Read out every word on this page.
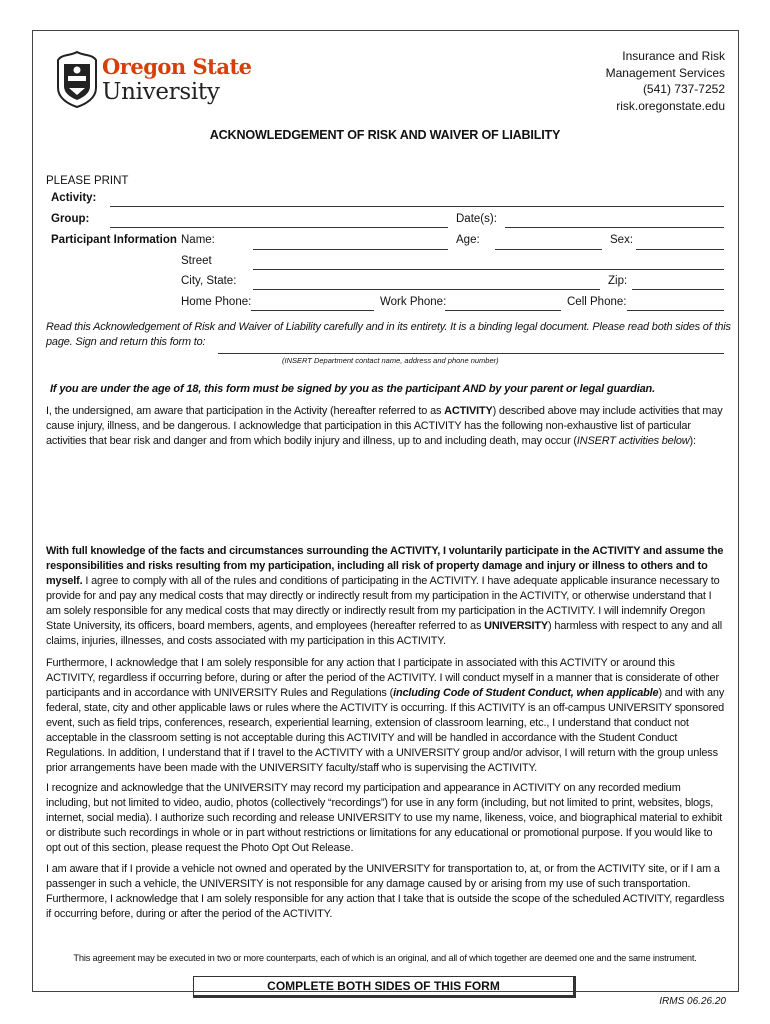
Oregon State
University
Insurance and Risk
Management Services
(541) 737-7252
risk.oregonstate.edu
ACKNOWLEDGEMENT OF RISK AND WAIVER OF LIABILITY
PLEASE PRINT
Activity:
Group:	Date(s):
Participant Information Name:	Age:	Sex:
Street
City, State:	Zip:
Home Phone:	Work Phone:	Cell Phone:
Read this Acknowledgement of Risk and Waiver of Liability carefully and in its entirety. It is a binding legal document. Please read both sides of this
page. Sign and return this form to:
(INSERT Department contact name, address and phone number)
If you are under the age of 18, this form must be signed by you as the participant AND by your parent or legal guardian.
I, the undersigned, am aware that participation in the Activity (hereafter referred to as ACTIVITY) described above may include activities that may cause injury, illness, and be dangerous. I acknowledge that participation in this ACTIVITY has the following non-exhaustive list of particular activities that bear risk and danger and from which bodily injury and illness, up to and including death, may occur (INSERT activities below):
With full knowledge of the facts and circumstances surrounding the ACTIVITY, I voluntarily participate in the ACTIVITY and assume the responsibilities and risks resulting from my participation, including all risk of property damage and injury or illness to others and to myself. I agree to comply with all of the rules and conditions of participating in the ACTIVITY. I have adequate applicable insurance necessary to provide for and pay any medical costs that may directly or indirectly result from my participation in the ACTIVITY, or otherwise understand that I am solely responsible for any medical costs that may directly or indirectly result from my participation in the ACTIVITY. I will indemnify Oregon State University, its officers, board members, agents, and employees (hereafter referred to as UNIVERSITY) harmless with respect to any and all claims, injuries, illnesses, and costs associated with my participation in this ACTIVITY.
Furthermore, I acknowledge that I am solely responsible for any action that I participate in associated with this ACTIVITY or around this ACTIVITY, regardless if occurring before, during or after the period of the ACTIVITY. I will conduct myself in a manner that is considerate of other participants and in accordance with UNIVERSITY Rules and Regulations (including Code of Student Conduct, when applicable) and with any federal, state, city and other applicable laws or rules where the ACTIVITY is occurring. If this ACTIVITY is an off-campus UNIVERSITY sponsored event, such as field trips, conferences, research, experiential learning, extension of classroom learning, etc., I understand that conduct not acceptable in the classroom setting is not acceptable during this ACTIVITY and will be handled in accordance with the Student Conduct Regulations. In addition, I understand that if I travel to the ACTIVITY with a UNIVERSITY group and/or advisor, I will return with the group unless prior arrangements have been made with the UNIVERSITY faculty/staff who is supervising the ACTIVITY.
I recognize and acknowledge that the UNIVERSITY may record my participation and appearance in ACTIVITY on any recorded medium including, but not limited to video, audio, photos (collectively “recordings”) for use in any form (including, but not limited to print, websites, blogs, internet, social media). I authorize such recording and release UNIVERSITY to use my name, likeness, voice, and biographical material to exhibit or distribute such recordings in whole or in part without restrictions or limitations for any educational or promotional purpose. If you would like to opt out of this section, please request the Photo Opt Out Release.
I am aware that if I provide a vehicle not owned and operated by the UNIVERSITY for transportation to, at, or from the ACTIVITY site, or if I am a passenger in such a vehicle, the UNIVERSITY is not responsible for any damage caused by or arising from my use of such transportation. Furthermore, I acknowledge that I am solely responsible for any action that I take that is outside the scope of the scheduled ACTIVITY, regardless if occurring before, during or after the period of the ACTIVITY.
This agreement may be executed in two or more counterparts, each of which is an original, and all of which together are deemed one and the same instrument.
COMPLETE BOTH SIDES OF THIS FORM
IRMS 06.26.20
